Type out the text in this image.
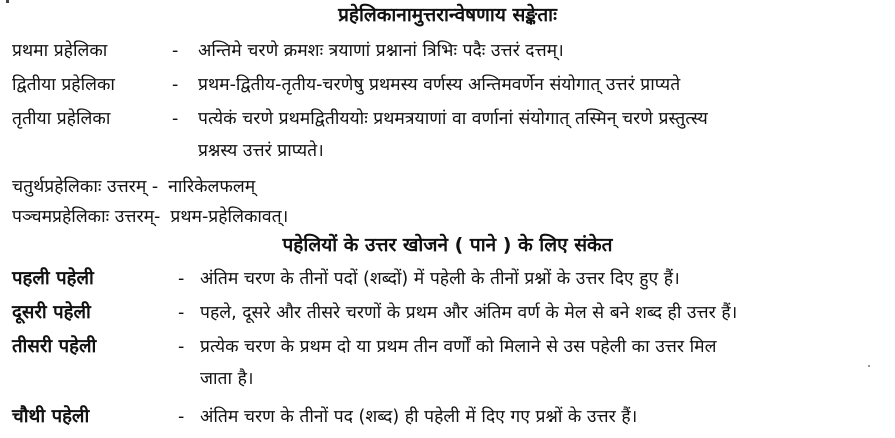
प्रहेलिकानामुत्तरान्वेषणाय सङ्केताः
प्रथमा प्रहेलिका	- अन्तिमे चरणे क्रमशः त्रयाणां प्रश्नानां त्रिभिः पदैः उत्तरं दत्तम्।
द्वितीया प्रहेलिका	- प्रथम-द्वितीय-तृतीय-चरणेषु प्रथमस्य वर्णस्य अन्तिमवर्णेन संयोगात् उत्तरं प्राप्यते
तृतीया प्रहेलिका	- पत्येकं चरणे प्रथमद्वितीययोः प्रथमत्रयाणां वा वर्णानां संयोगात् तस्मिन् चरणे प्रस्तुत्स्य
प्रश्नस्य उत्तरं प्राप्यते।
चतुर्थप्रहेलिकाः उत्तरम् - नारिकेलफलम्
पञ्चमप्रहेलिकाः उत्तरम्- प्रथम-प्रहेलिकावत्।
पहेलियों के उत्तर खोजने ( पाने ) के लिए संकेत
पहली पहेली	- अंतिम चरण के तीनों पदों (शब्दों) में पहेली के तीनों प्रश्नों के उत्तर दिए हुए हैं।
दूसरी पहेली	- पहले, दूसरे और तीसरे चरणों के प्रथम और अंतिम वर्ण के मेल से बने शब्द ही उत्तर हैं।
तीसरी पहेली	- प्रत्येक चरण के प्रथम दो या प्रथम तीन वर्णों को मिलाने से उस पहेली का उत्तर मिल
जाता है।
चौथी पहेली	- अंतिम चरण के तीनों पद (शब्द) ही पहेली में दिए गए प्रश्नों के उत्तर हैं।
